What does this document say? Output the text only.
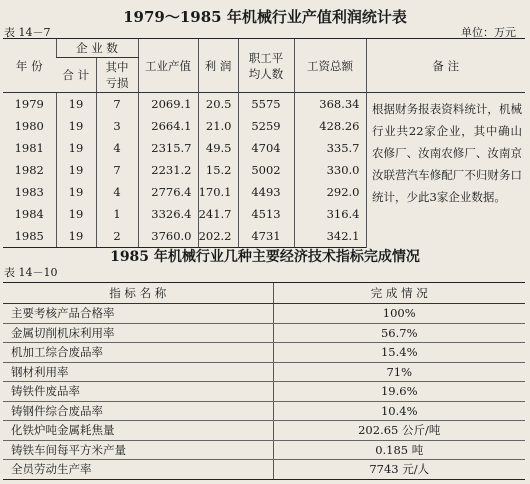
1979～1985 年机械行业产值利润统计表
表 14－7	单位：万元
年 份	企 业 数		工业产值	利 润	职工平均人数	工资总额	备 注
	合 计	其中亏损					
1979	19	7	2069.1	20.5	5575	368.34	
1980	19	3	2664.1	21.0	5259	428.26	
1981	19	4	2315.7	49.5	4704	335.7	
1982	19	7	2231.2	15.2	5002	330.0	
1983	19	4	2776.4	170.1	4493	292.0	
1984	19	1	3326.4	241.7	4513	316.4	
1985	19	2	3760.0	202.2	4731	342.1	
根据财务报表资料统计，机械行业共22家企业，其中确山农修厂、汝南农修厂、汝南京汝联营汽车修配厂不归财务口统计，少此3家企业数据。
1985 年机械行业几种主要经济技术指标完成情况
表 14－10
指 标 名 称	完 成 情 况
主要考核产品合格率	100%
金属切削机床利用率	56.7%
机加工综合废品率	15.4%
钢材利用率	71%
铸铁件废品率	19.6%
铸钢件综合废品率	10.4%
化铁炉吨金属耗焦量	202.65 公斤/吨
铸铁车间每平方米产量	0.185 吨
全员劳动生产率	7743 元/人
